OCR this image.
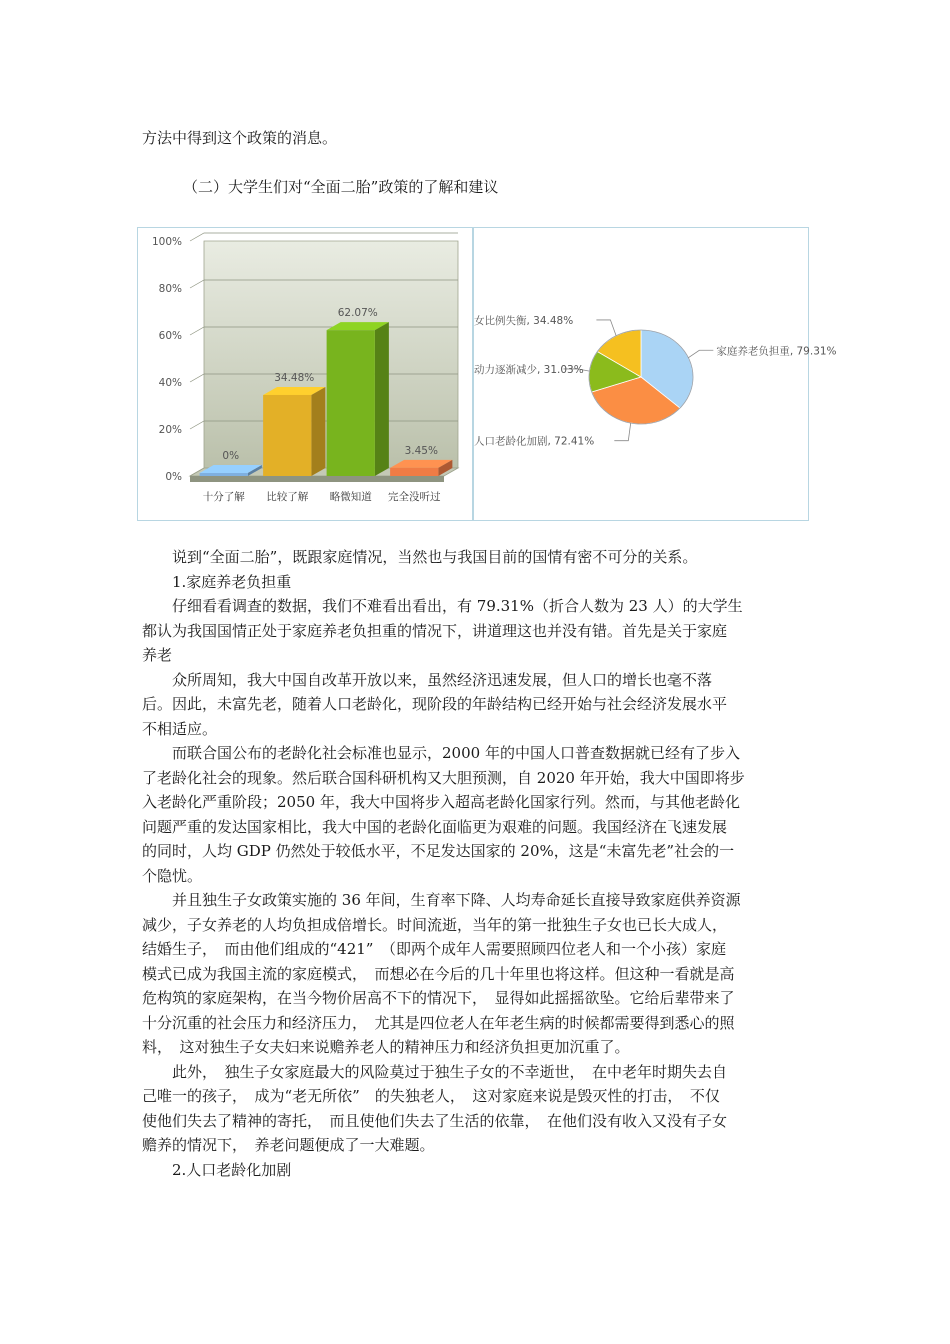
方法中得到这个政策的消息。
（二）大学生们对“全面二胎”政策的了解和建议
0%
20%
40%
60%
80%
100%
0%
十分了解
34.48%
比较了解
62.07%
略微知道
3.45%
完全没听过
家庭养老负担重, 79.31%
人口老龄化加剧, 72.41%
动力逐渐减少, 31.03%
女比例失衡, 34.48%
　　说到“全面二胎”，既跟家庭情况，当然也与我国目前的国情有密不可分的关系。
　　1.家庭养老负担重
　　仔细看看调查的数据，我们不难看出看出，有 79.31%（折合人数为 23 人）的大学生
都认为我国国情正处于家庭养老负担重的情况下，讲道理这也并没有错。首先是关于家庭
养老
　　众所周知，我大中国自改革开放以来，虽然经济迅速发展，但人口的增长也毫不落
后。因此，未富先老，随着人口老龄化，现阶段的年龄结构已经开始与社会经济发展水平
不相适应。
　　而联合国公布的老龄化社会标准也显示，2000 年的中国人口普查数据就已经有了步入
了老龄化社会的现象。然后联合国科研机构又大胆预测，自 2020 年开始，我大中国即将步
入老龄化严重阶段；2050 年，我大中国将步入超高老龄化国家行列。然而，与其他老龄化
问题严重的发达国家相比，我大中国的老龄化面临更为艰难的问题。我国经济在飞速发展
的同时，人均 GDP 仍然处于较低水平，不足发达国家的 20%，这是“未富先老”社会的一
个隐忧。
　　并且独生子女政策实施的 36 年间，生育率下降、人均寿命延长直接导致家庭供养资源
减少，子女养老的人均负担成倍增长。时间流逝，当年的第一批独生子女也已长大成人，
结婚生子，　而由他们组成的“421”　（即两个成年人需要照顾四位老人和一个小孩）家庭
模式已成为我国主流的家庭模式，　而想必在今后的几十年里也将这样。但这种一看就是高
危构筑的家庭架构，在当今物价居高不下的情况下，　显得如此摇摇欲坠。它给后辈带来了
十分沉重的社会压力和经济压力，　尤其是四位老人在年老生病的时候都需要得到悉心的照
料，　这对独生子女夫妇来说赡养老人的精神压力和经济负担更加沉重了。
　　此外，　独生子女家庭最大的风险莫过于独生子女的不幸逝世，　在中老年时期失去自
己唯一的孩子，　成为“老无所依”　的失独老人，　这对家庭来说是毁灭性的打击，　不仅
使他们失去了精神的寄托，　而且使他们失去了生活的依靠，　在他们没有收入又没有子女
赡养的情况下，　养老问题便成了一大难题。
　　2.人口老龄化加剧
